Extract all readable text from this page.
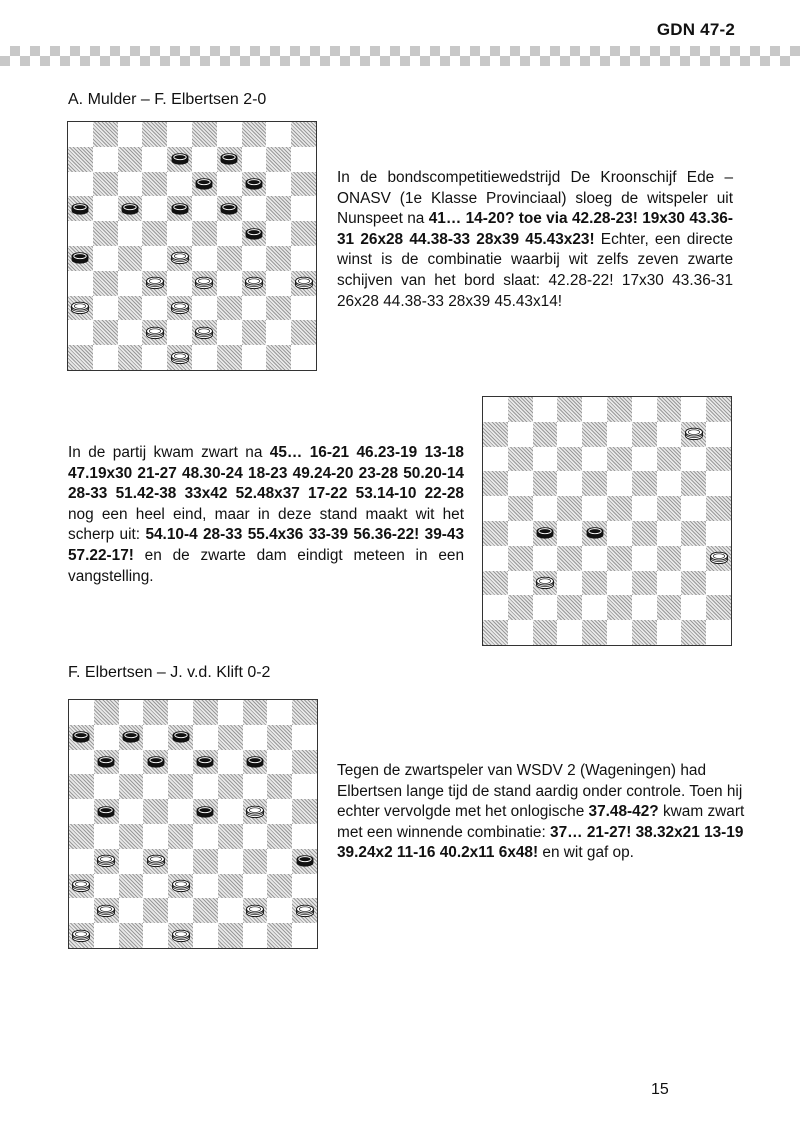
GDN 47-2
A. Mulder – F. Elbertsen 2-0
In de bondscompetitiewedstrijd De Kroonschijf Ede – ONASV (1e Klasse Provinciaal) sloeg de witspeler uit Nunspeet na 41… 14-20? toe via 42.28-23! 19x30 43.36-31 26x28 44.38-33 28x39 45.43x23! Echter, een directe winst is de combinatie waarbij wit zelfs zeven zwarte schijven van het bord slaat: 42.28-22! 17x30 43.36-31 26x28 44.38-33 28x39 45.43x14!
In de partij kwam zwart na 45… 16-21 46.23-19 13-18 47.19x30 21-27 48.30-24 18-23 49.24-20 23-28 50.20-14 28-33 51.42-38 33x42 52.48x37 17-22 53.14-10 22-28 nog een heel eind, maar in deze stand maakt wit het scherp uit: 54.10-4 28-33 55.4x36 33-39 56.36-22! 39-43 57.22-17! en de zwarte dam eindigt meteen in een vangstelling.
F. Elbertsen – J. v.d. Klift 0-2
Tegen de zwartspeler van WSDV 2 (Wageningen) had Elbertsen lange tijd de stand aardig onder controle. Toen hij echter vervolgde met het onlogische 37.48-42? kwam zwart met een winnende combinatie: 37… 21-27! 38.32x21 13-19 39.24x2 11-16 40.2x11 6x48! en wit gaf op.
15
